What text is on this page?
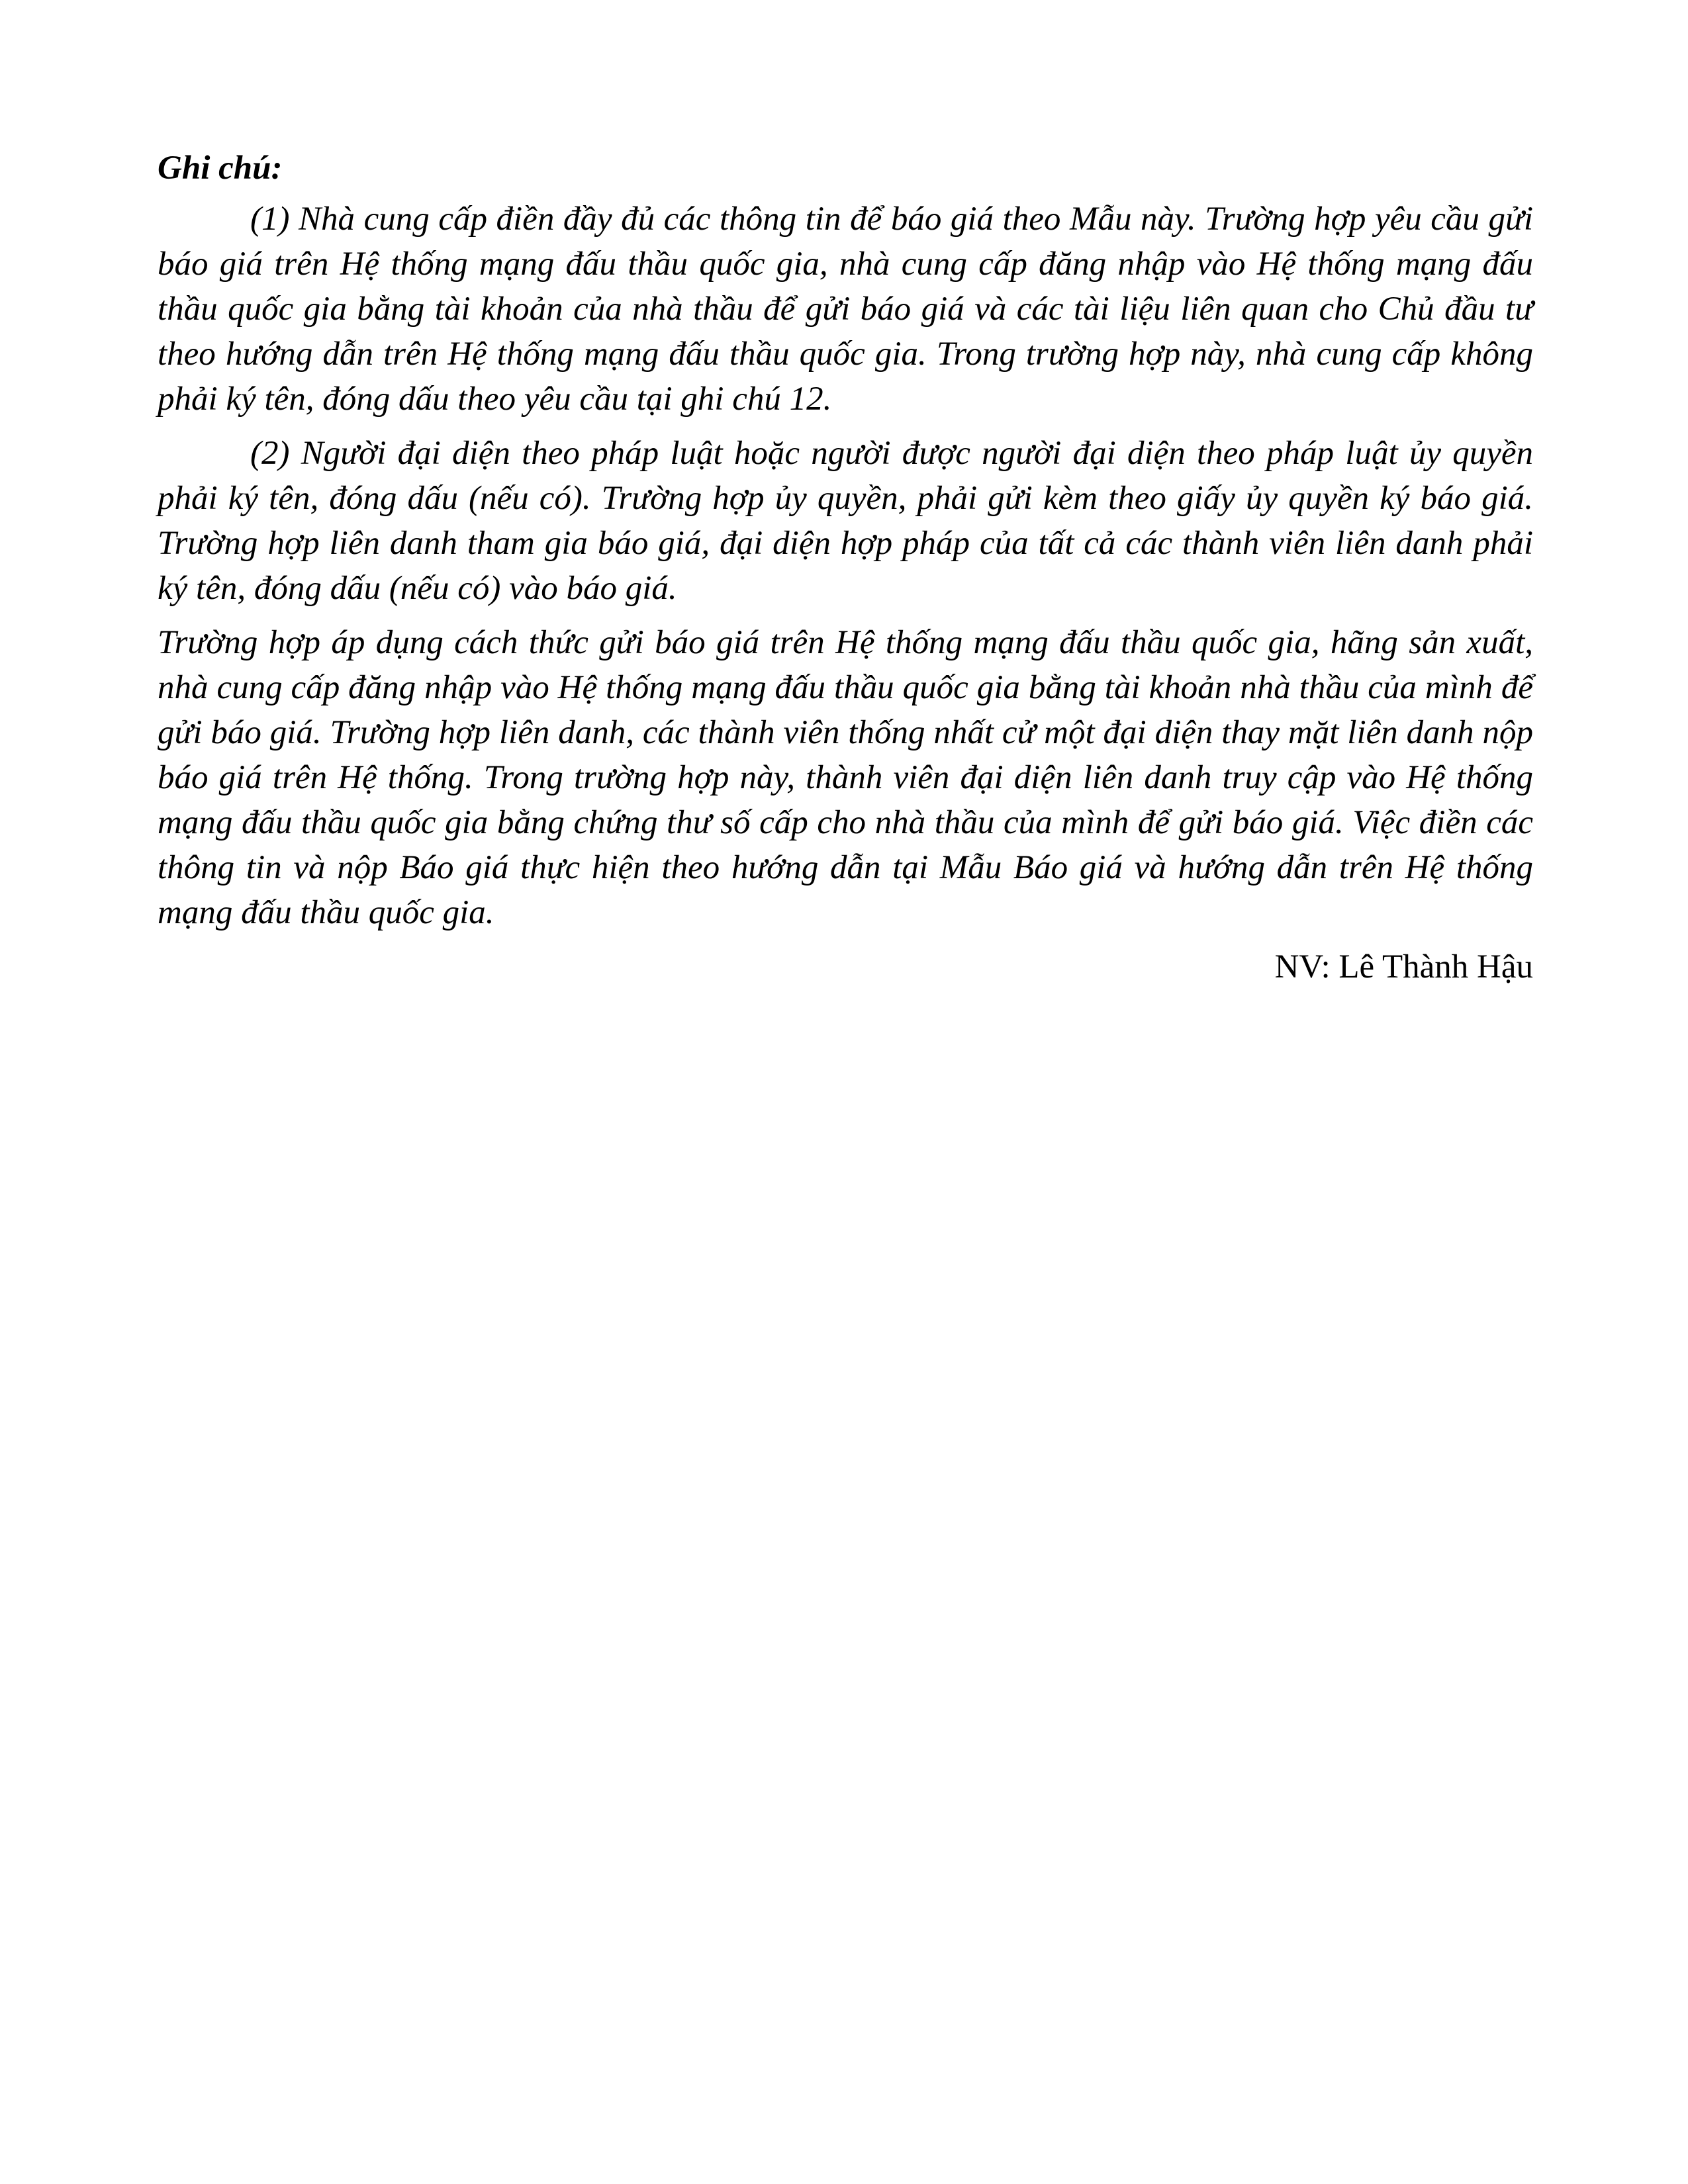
Ghi chú:

(1) Nhà cung cấp điền đầy đủ các thông tin để báo giá theo Mẫu này. Trường hợp yêu cầu gửi báo giá trên Hệ thống mạng đấu thầu quốc gia, nhà cung cấp đăng nhập vào Hệ thống mạng đấu thầu quốc gia bằng tài khoản của nhà thầu để gửi báo giá và các tài liệu liên quan cho Chủ đầu tư theo hướng dẫn trên Hệ thống mạng đấu thầu quốc gia. Trong trường hợp này, nhà cung cấp không phải ký tên, đóng dấu theo yêu cầu tại ghi chú 12.

(2) Người đại diện theo pháp luật hoặc người được người đại diện theo pháp luật ủy quyền phải ký tên, đóng dấu (nếu có). Trường hợp ủy quyền, phải gửi kèm theo giấy ủy quyền ký báo giá. Trường hợp liên danh tham gia báo giá, đại diện hợp pháp của tất cả các thành viên liên danh phải ký tên, đóng dấu (nếu có) vào báo giá.

Trường hợp áp dụng cách thức gửi báo giá trên Hệ thống mạng đấu thầu quốc gia, hãng sản xuất, nhà cung cấp đăng nhập vào Hệ thống mạng đấu thầu quốc gia bằng tài khoản nhà thầu của mình để gửi báo giá. Trường hợp liên danh, các thành viên thống nhất cử một đại diện thay mặt liên danh nộp báo giá trên Hệ thống. Trong trường hợp này, thành viên đại diện liên danh truy cập vào Hệ thống mạng đấu thầu quốc gia bằng chứng thư số cấp cho nhà thầu của mình để gửi báo giá. Việc điền các thông tin và nộp Báo giá thực hiện theo hướng dẫn tại Mẫu Báo giá và hướng dẫn trên Hệ thống mạng đấu thầu quốc gia.

NV: Lê Thành Hậu
